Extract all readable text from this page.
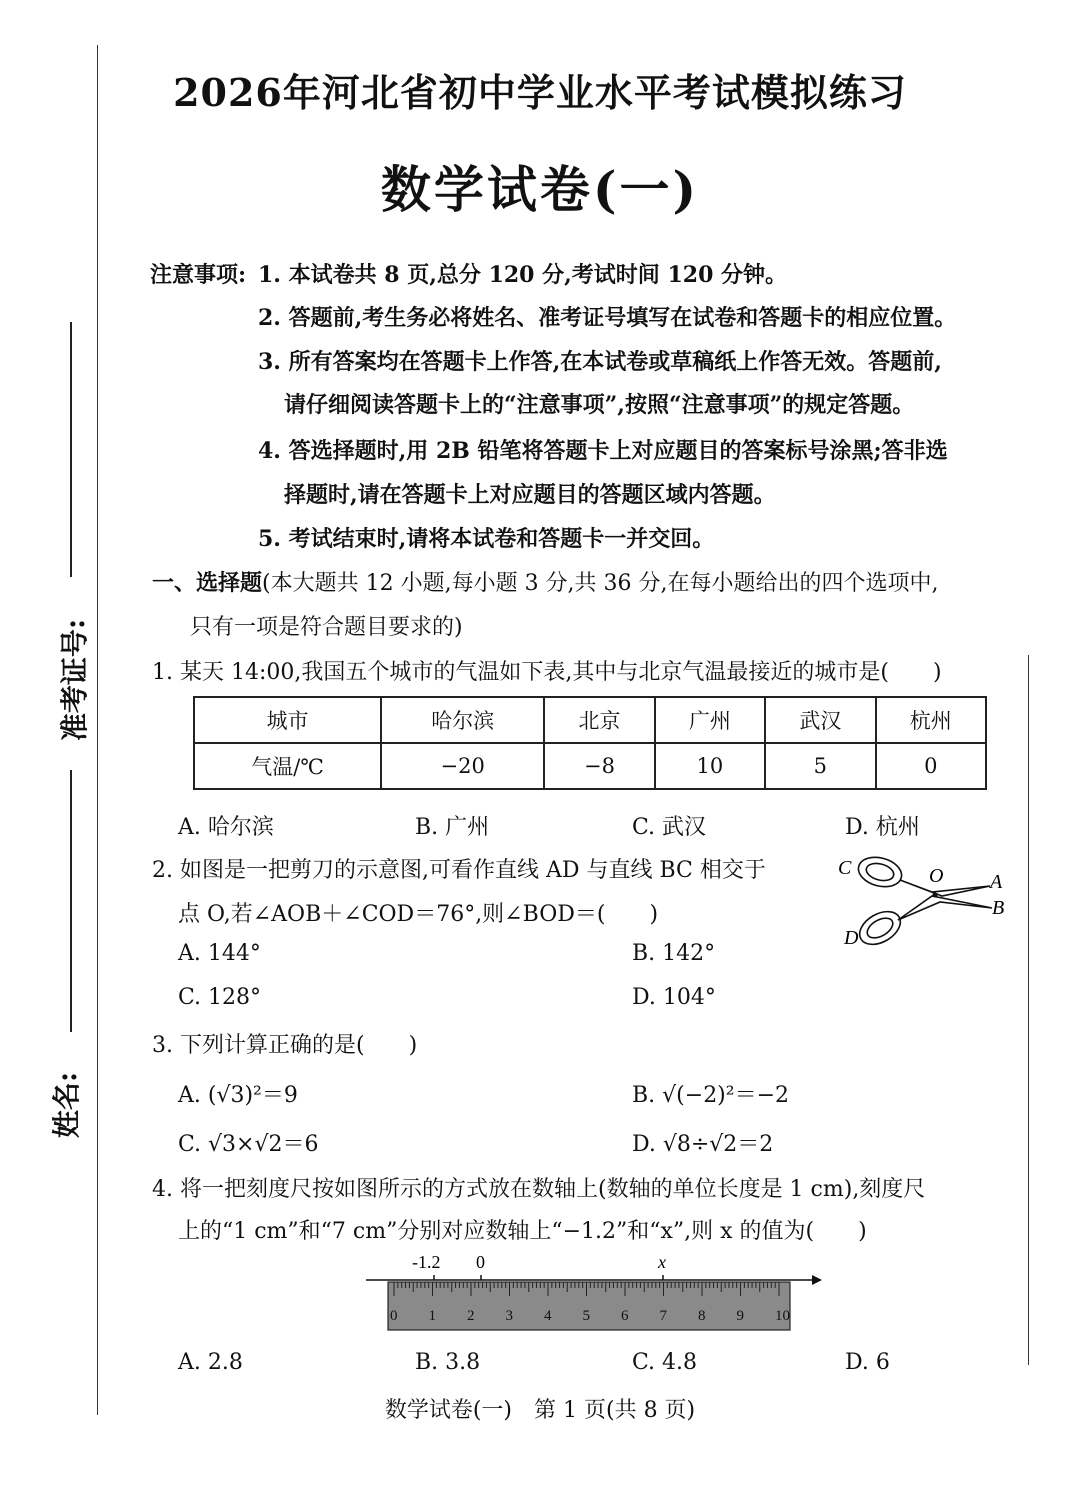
准考证号:
姓名:
2026年河北省初中学业水平考试模拟练习
数学试卷(一)
注意事项: 1. 本试卷共 8 页,总分 120 分,考试时间 120 分钟。
2. 答题前,考生务必将姓名、准考证号填写在试卷和答题卡的相应位置。
3. 所有答案均在答题卡上作答,在本试卷或草稿纸上作答无效。答题前,
请仔细阅读答题卡上的“注意事项”,按照“注意事项”的规定答题。
4. 答选择题时,用 2B 铅笔将答题卡上对应题目的答案标号涂黑;答非选
择题时,请在答题卡上对应题目的答题区域内答题。
5. 考试结束时,请将本试卷和答题卡一并交回。
一、选择题(本大题共 12 小题,每小题 3 分,共 36 分,在每小题给出的四个选项中,
只有一项是符合题目要求的)
1. 某天 14:00,我国五个城市的气温如下表,其中与北京气温最接近的城市是(　　)
城市	哈尔滨	北京	广州	武汉	杭州
气温/℃	−20	−8	10	5	0
A. 哈尔滨	B. 广州	C. 武汉	D. 杭州
2. 如图是一把剪刀的示意图,可看作直线 AD 与直线 BC 相交于
点 O,若∠AOB＋∠COD＝76°,则∠BOD＝(　　)
A. 144°	B. 142°
C. 128°	D. 104°
C	O A
B
D
3. 下列计算正确的是(　　)
A. (√3)²＝9	B. √(−2)²＝−2
C. √3×√2＝6	D. √8÷√2＝2
4. 将一把刻度尺按如图所示的方式放在数轴上(数轴的单位长度是 1 cm),刻度尺
上的“1 cm”和“7 cm”分别对应数轴上“−1.2”和“x”,则 x 的值为(　　)
-1.2 0	x
0 1 2 3 4 5 6 7 8 9 10
A. 2.8	B. 3.8	C. 4.8	D. 6
数学试卷(一)　第 1 页(共 8 页)
